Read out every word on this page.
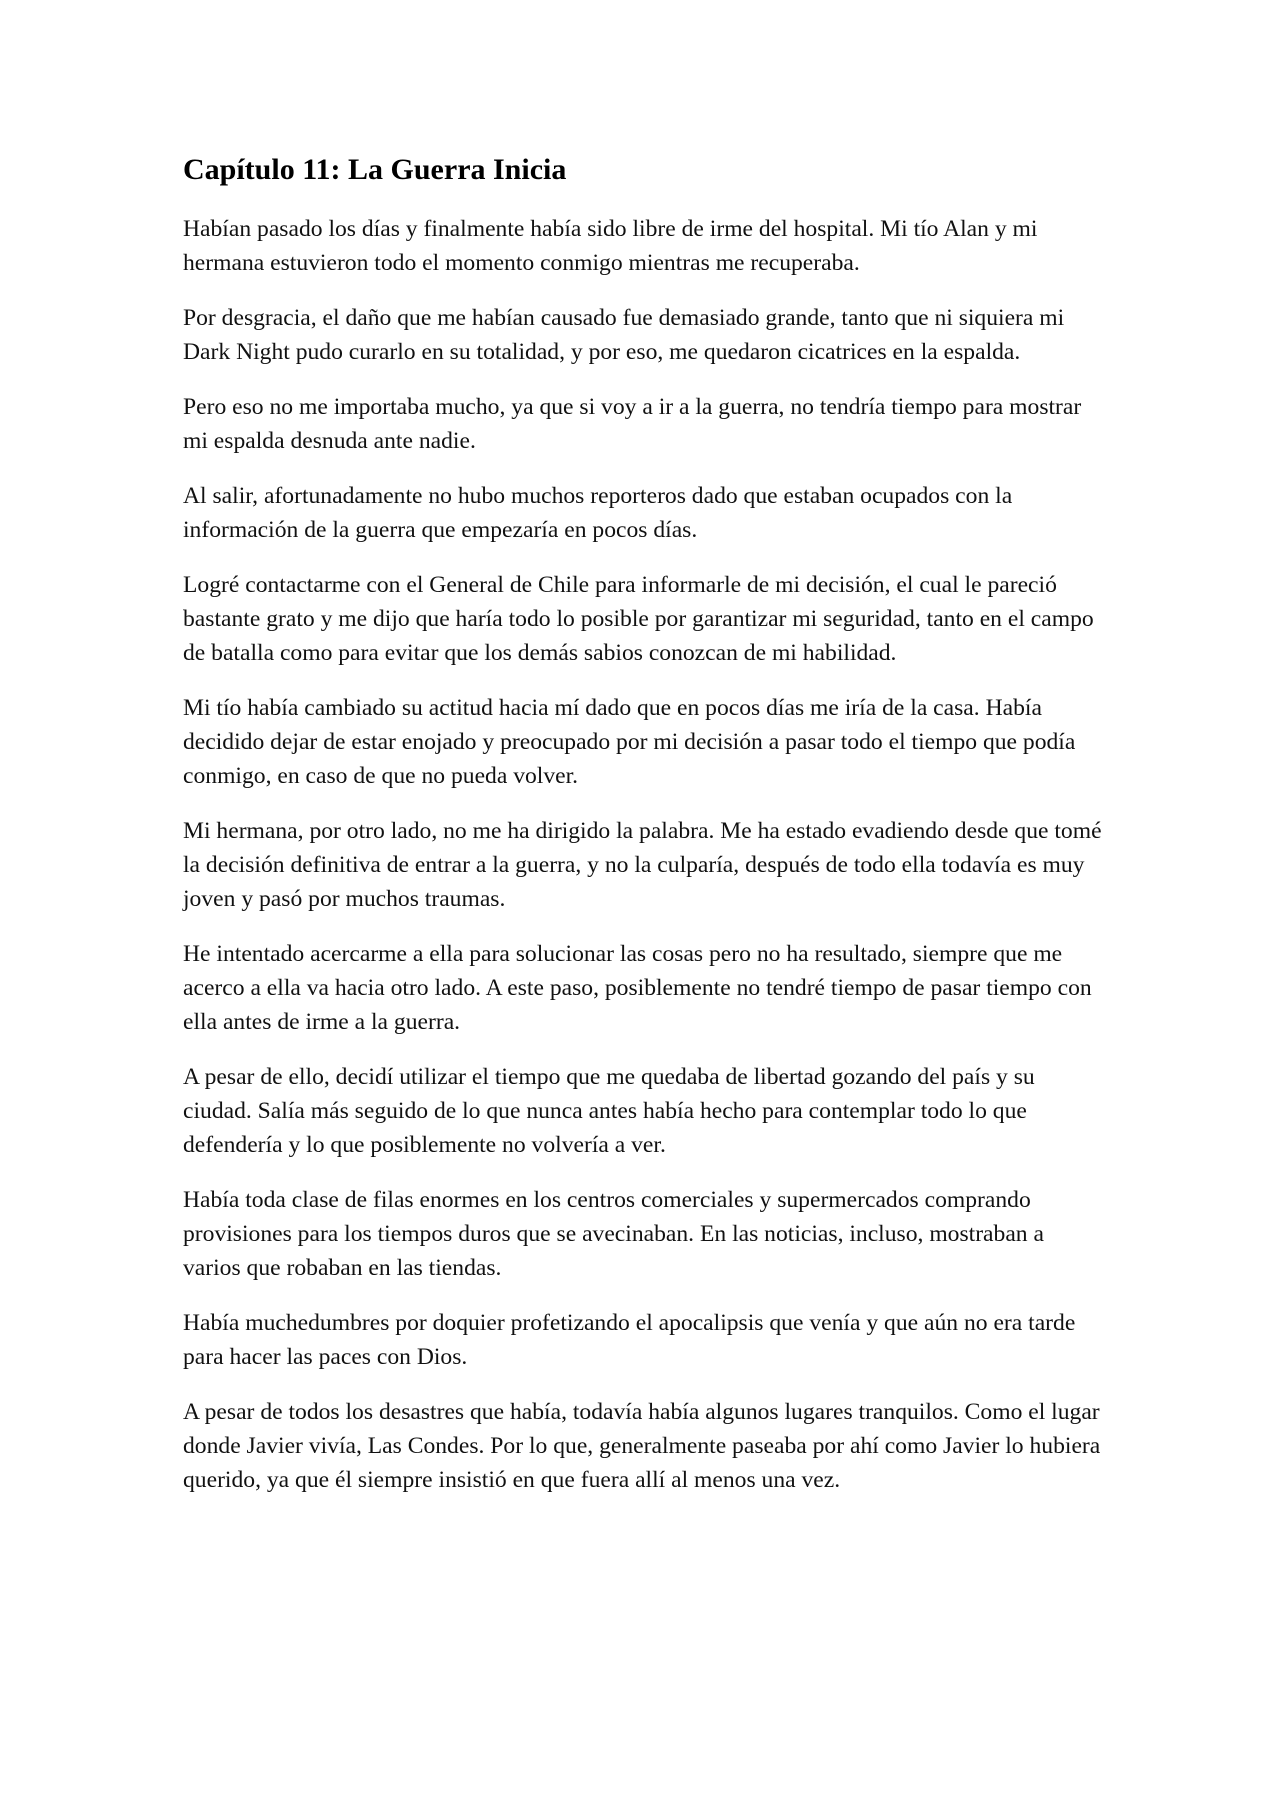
Capítulo 11: La Guerra Inicia

Habían pasado los días y finalmente había sido libre de irme del hospital. Mi tío Alan y mi hermana estuvieron todo el momento conmigo mientras me recuperaba.

Por desgracia, el daño que me habían causado fue demasiado grande, tanto que ni siquiera mi Dark Night pudo curarlo en su totalidad, y por eso, me quedaron cicatrices en la espalda.

Pero eso no me importaba mucho, ya que si voy a ir a la guerra, no tendría tiempo para mostrar mi espalda desnuda ante nadie.

Al salir, afortunadamente no hubo muchos reporteros dado que estaban ocupados con la información de la guerra que empezaría en pocos días.

Logré contactarme con el General de Chile para informarle de mi decisión, el cual le pareció bastante grato y me dijo que haría todo lo posible por garantizar mi seguridad, tanto en el campo de batalla como para evitar que los demás sabios conozcan de mi habilidad.

Mi tío había cambiado su actitud hacia mí dado que en pocos días me iría de la casa. Había decidido dejar de estar enojado y preocupado por mi decisión a pasar todo el tiempo que podía conmigo, en caso de que no pueda volver.

Mi hermana, por otro lado, no me ha dirigido la palabra. Me ha estado evadiendo desde que tomé la decisión definitiva de entrar a la guerra, y no la culparía, después de todo ella todavía es muy joven y pasó por muchos traumas.

He intentado acercarme a ella para solucionar las cosas pero no ha resultado, siempre que me acerco a ella va hacia otro lado. A este paso, posiblemente no tendré tiempo de pasar tiempo con ella antes de irme a la guerra.

A pesar de ello, decidí utilizar el tiempo que me quedaba de libertad gozando del país y su ciudad. Salía más seguido de lo que nunca antes había hecho para contemplar todo lo que defendería y lo que posiblemente no volvería a ver.

Había toda clase de filas enormes en los centros comerciales y supermercados comprando provisiones para los tiempos duros que se avecinaban. En las noticias, incluso, mostraban a varios que robaban en las tiendas.

Había muchedumbres por doquier profetizando el apocalipsis que venía y que aún no era tarde para hacer las paces con Dios.

A pesar de todos los desastres que había, todavía había algunos lugares tranquilos. Como el lugar donde Javier vivía, Las Condes. Por lo que, generalmente paseaba por ahí como Javier lo hubiera querido, ya que él siempre insistió en que fuera allí al menos una vez.
